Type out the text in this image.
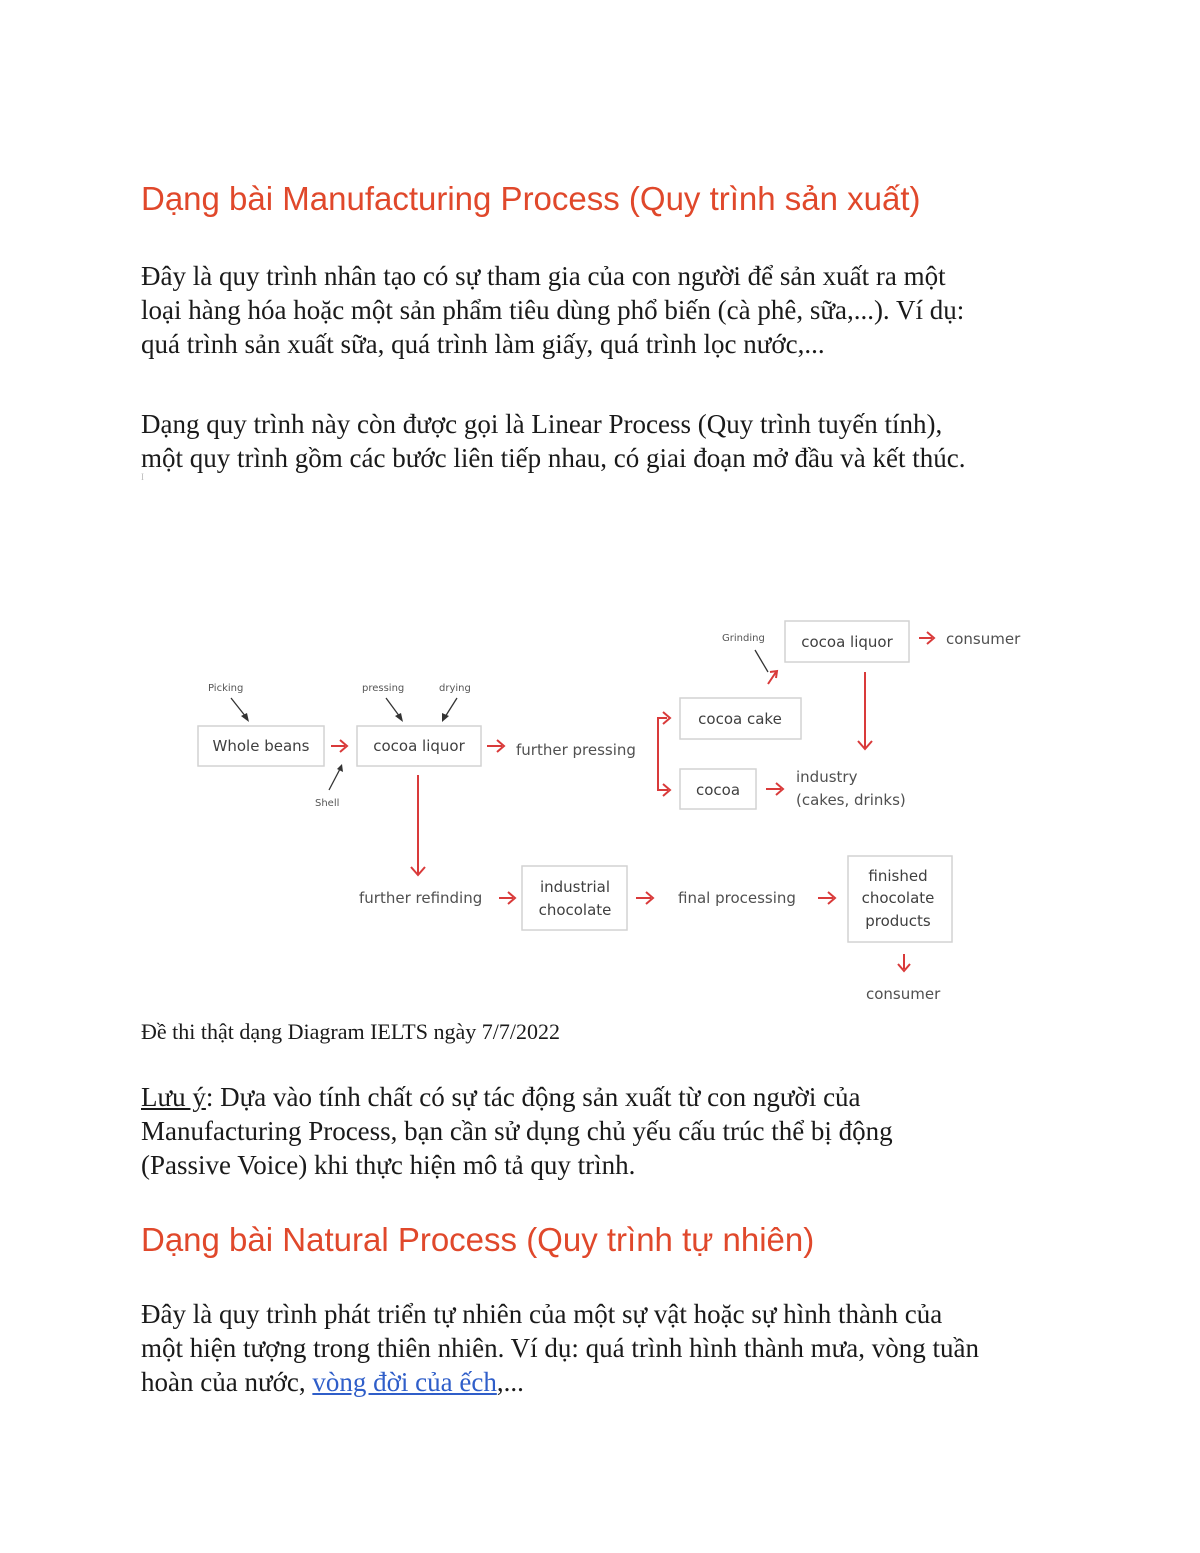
Dạng bài Manufacturing Process (Quy trình sản xuất)

Đây là quy trình nhân tạo có sự tham gia của con người để sản xuất ra một
loại hàng hóa hoặc một sản phẩm tiêu dùng phổ biến (cà phê, sữa,...). Ví dụ:
quá trình sản xuất sữa, quá trình làm giấy, quá trình lọc nước,...

Dạng quy trình này còn được gọi là Linear Process (Quy trình tuyến tính),
một quy trình gồm các bước liên tiếp nhau, có giai đoạn mở đầu và kết thúc.

I
Whole beans	cocoa liquor
cocoa cake
cocoa
cocoa liquor
industrial
chocolate
finished
chocolate
products
further pressing
industry
(cakes, drinks)
consumer
further refinding	final processing
consumer
Picking
Shell
pressing	drying
Grinding

Đề thi thật dạng Diagram IELTS ngày 7/7/2022

Lưu ý: Dựa vào tính chất có sự tác động sản xuất từ con người của
Manufacturing Process, bạn cần sử dụng chủ yếu cấu trúc thể bị động
(Passive Voice) khi thực hiện mô tả quy trình.

Dạng bài Natural Process (Quy trình tự nhiên)

Đây là quy trình phát triển tự nhiên của một sự vật hoặc sự hình thành của
một hiện tượng trong thiên nhiên. Ví dụ: quá trình hình thành mưa, vòng tuần
hoàn của nước, vòng đời của ếch,...
